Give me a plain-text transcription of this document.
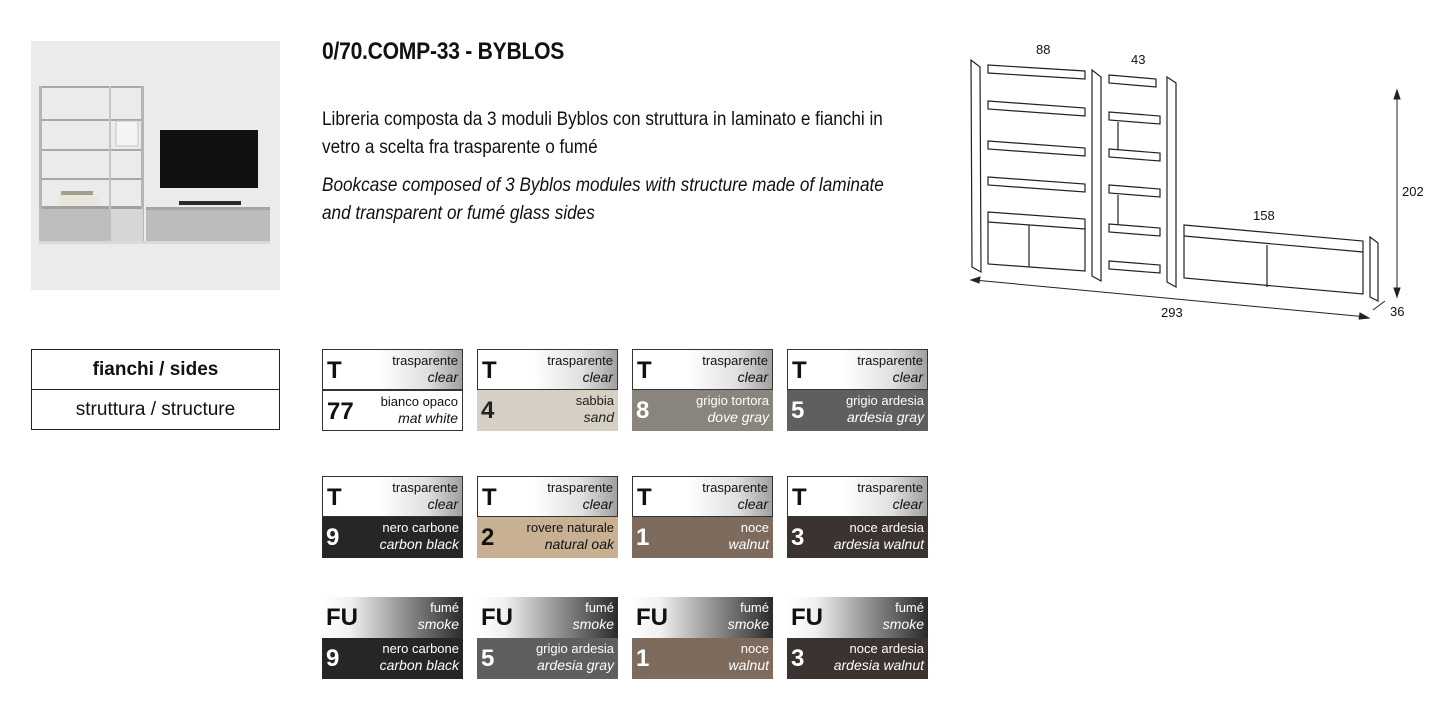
0/70.COMP-33 - BYBLOS
Libreria composta da 3 moduli Byblos con struttura in laminato e fianchi in vetro a scelta fra trasparente o fumé
Bookcase composed of 3 Byblos modules with structure made of laminate and transparent or fumé glass sides
88
43
158
202
293	36
fianchi / sides
struttura / structure
T	trasparente
clear
77 bianco opaco
mat white
T	trasparente
clear
4	sabbia
sand
T	trasparente
clear
8	grigio tortora
dove gray
T	trasparente
clear
5	grigio ardesia
ardesia gray
T	trasparente
clear
9	nero carbone
carbon black
T	trasparente
clear
2 rovere naturale
natural oak
T	trasparente
clear
1	noce
walnut
T	trasparente
clear
3	noce ardesia
ardesia walnut
FU	fumé
smoke
9	nero carbone
carbon black
FU	fumé
smoke
5	grigio ardesia
ardesia gray
FU	fumé
smoke
1	noce
walnut
FU	fumé
smoke
3	noce ardesia
ardesia walnut
